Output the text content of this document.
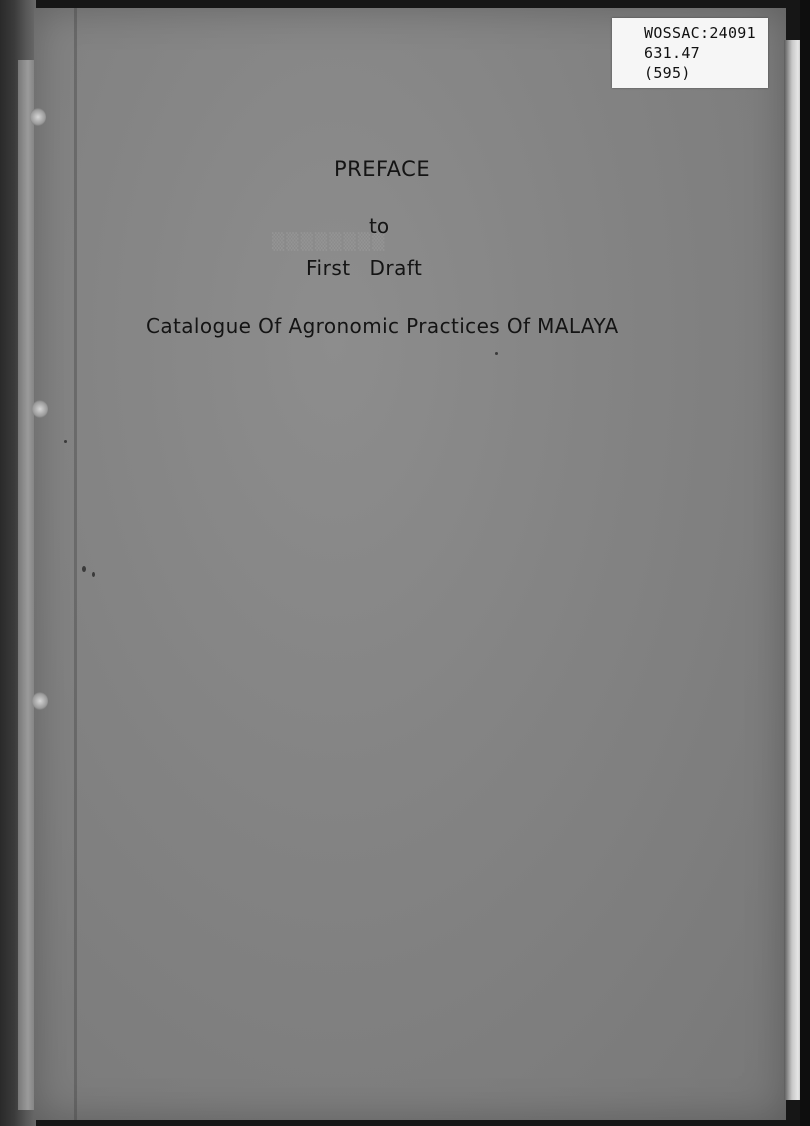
WOSSAC:24091
631.47
(595)
▒▒▒▒▒▒▒▒
PREFACE
to
First Draft
Catalogue Of Agronomic Practices Of MALAYA
